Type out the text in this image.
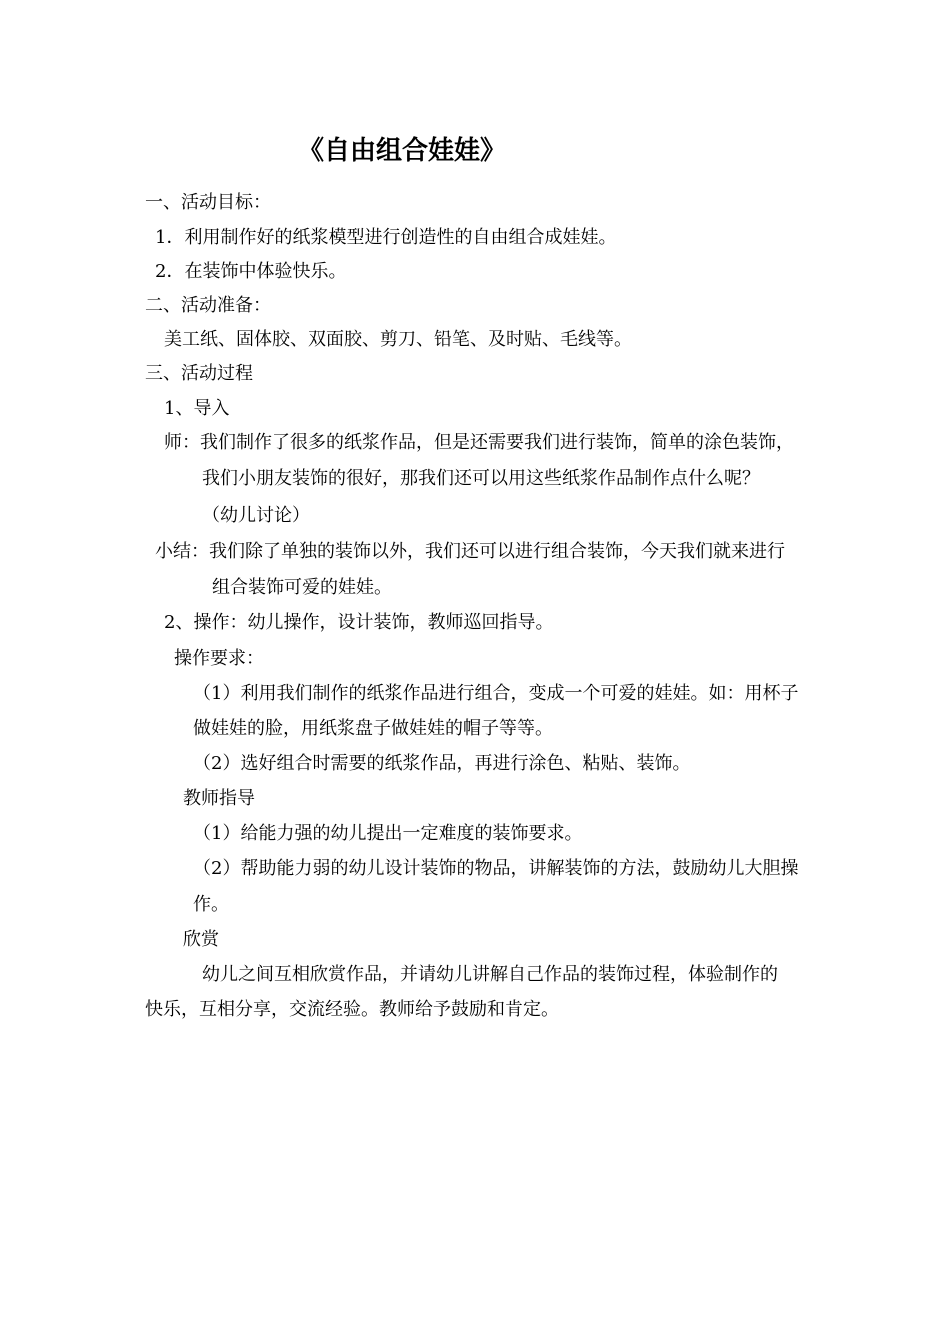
《自由组合娃娃》
一、活动目标：
1．利用制作好的纸浆模型进行创造性的自由组合成娃娃。
2．在装饰中体验快乐。
二、活动准备：
美工纸、固体胶、双面胶、剪刀、铅笔、及时贴、毛线等。
三、活动过程
1、导入
师：我们制作了很多的纸浆作品，但是还需要我们进行装饰，简单的涂色装饰，
我们小朋友装饰的很好，那我们还可以用这些纸浆作品制作点什么呢？
（幼儿讨论）
小结：我们除了单独的装饰以外，我们还可以进行组合装饰，今天我们就来进行
组合装饰可爱的娃娃。
2、操作：幼儿操作，设计装饰，教师巡回指导。
操作要求：
（1）利用我们制作的纸浆作品进行组合，变成一个可爱的娃娃。如：用杯子
做娃娃的脸，用纸浆盘子做娃娃的帽子等等。
（2）选好组合时需要的纸浆作品，再进行涂色、粘贴、装饰。
教师指导
（1）给能力强的幼儿提出一定难度的装饰要求。
（2）帮助能力弱的幼儿设计装饰的物品，讲解装饰的方法，鼓励幼儿大胆操
作。
欣赏
幼儿之间互相欣赏作品，并请幼儿讲解自己作品的装饰过程，体验制作的
快乐，互相分享，交流经验。教师给予鼓励和肯定。
